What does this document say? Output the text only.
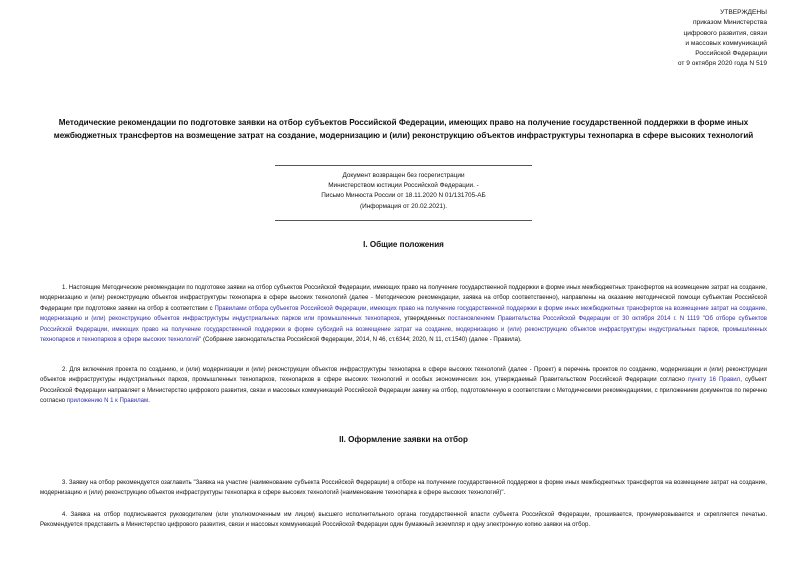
УТВЕРЖДЕНЫ
приказом Министерства
цифрового развития, связи
и массовых коммуникаций
Российской Федерации
от 9 октября 2020 года N 519
Методические рекомендации по подготовке заявки на отбор субъектов Российской Федерации, имеющих право на получение государственной поддержки в форме иных межбюджетных трансфертов на возмещение затрат на создание, модернизацию и (или) реконструкцию объектов инфраструктуры технопарка в сфере высоких технологий
Документ возвращен без госрегистрации
Министерством юстиции Российской Федерации. -
Письмо Минюста России от 18.11.2020 N 01/131705-АБ
(Информация от 20.02.2021).
I. Общие положения
1. Настоящие Методические рекомендации по подготовке заявки на отбор субъектов Российской Федерации, имеющих право на получение государственной поддержки в форме иных межбюджетных трансфертов на возмещение затрат на создание, модернизацию и (или) реконструкцию объектов инфраструктуры технопарка в сфере высоких технологий (далее - Методические рекомендации, заявка на отбор соответственно), направлены на оказание методической помощи субъектам Российской Федерации при подготовке заявки на отбор в соответствии с Правилами отбора субъектов Российской Федерации, имеющих право на получение государственной поддержки в форме иных межбюджетных трансфертов на возмещение затрат на создание, модернизацию и (или) реконструкцию объектов инфраструктуры индустриальных парков или промышленных технопарков, утвержденных постановлением Правительства Российской Федерации от 30 октября 2014 г. N 1119 "Об отборе субъектов Российской Федерации, имеющих право на получение государственной поддержки в форме субсидий на возмещение затрат на создание, модернизацию и (или) реконструкцию объектов инфраструктуры индустриальных парков, промышленных технопарков и технопарков в сфере высоких технологий" (Собрание законодательства Российской Федерации, 2014, N 46, ст.6344; 2020, N 11, ст.1540) (далее - Правила).
2. Для включения проекта по созданию, и (или) модернизации и (или) реконструкции объектов инфраструктуры технопарка в сфере высоких технологий (далее - Проект) в перечень проектов по созданию, модернизации и (или) реконструкции объектов инфраструктуры индустриальных парков, промышленных технопарков, технопарков в сфере высоких технологий и особых экономических зон, утверждаемый Правительством Российской Федерации согласно пункту 16 Правил, субъект Российской Федерации направляет в Министерство цифрового развития, связи и массовых коммуникаций Российской Федерации заявку на отбор, подготовленную в соответствии с Методическими рекомендациями, с приложением документов по перечню согласно приложению N 1 к Правилам.
II. Оформление заявки на отбор
3. Заявку на отбор рекомендуется озаглавить "Заявка на участие (наименование субъекта Российской Федерации) в отборе на получение государственной поддержки в форме иных межбюджетных трансфертов на возмещение затрат на создание, модернизацию и (или) реконструкцию объектов инфраструктуры технопарка в сфере высоких технологий (наименование технопарка в сфере высоких технологий)".
4. Заявка на отбор подписывается руководителем (или уполномоченным им лицом) высшего исполнительного органа государственной власти субъекта Российской Федерации, прошивается, пронумеровывается и скрепляется печатью. Рекомендуется представить в Министерство цифрового развития, связи и массовых коммуникаций Российской Федерации один бумажный экземпляр и одну электронную копию заявки на отбор.
